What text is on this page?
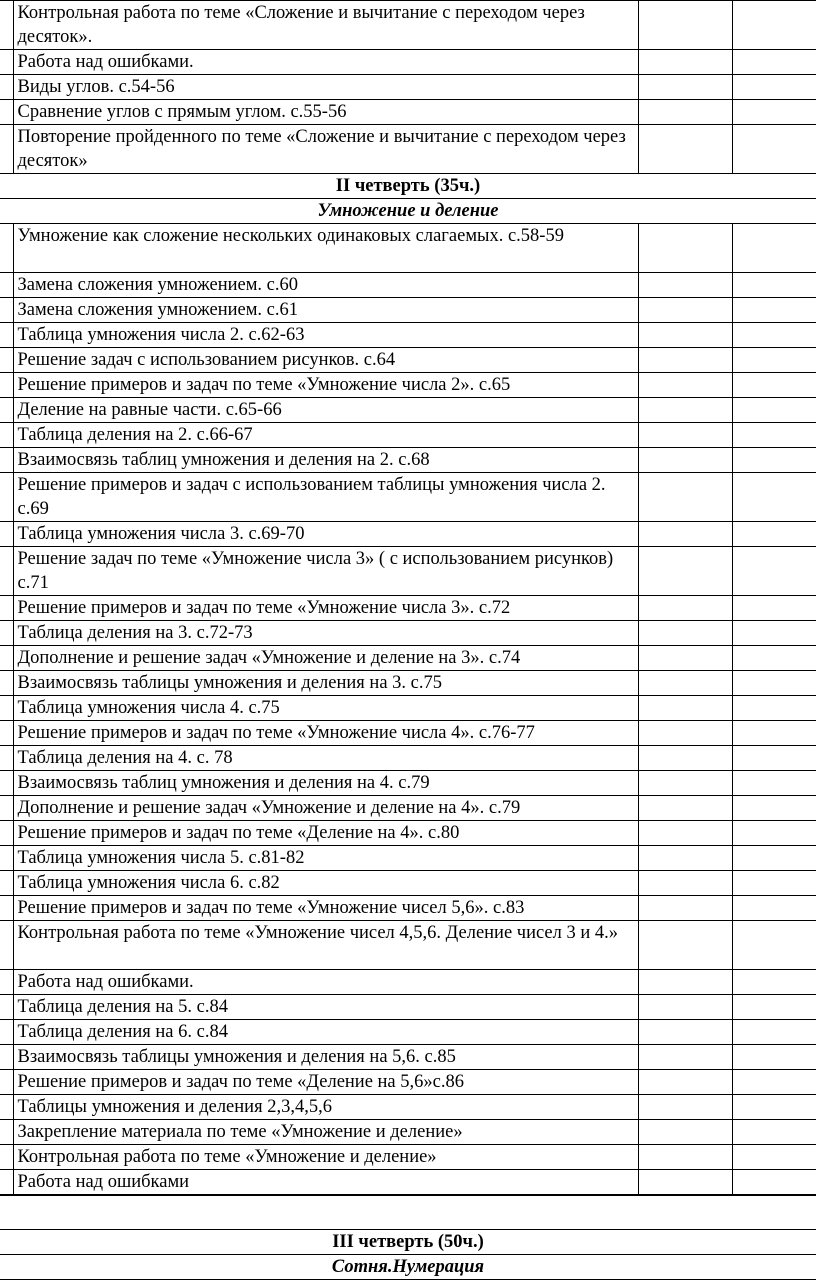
	Контрольная работа по теме «Сложение и вычитание с переходом через десяток».		
	Работа над ошибками.		
	Виды углов. с.54-56		
	Сравнение углов с прямым углом. с.55-56		
	Повторение пройденного по теме «Сложение и вычитание с переходом через десяток»		
II четверть (35ч.)			
Умножение и деление			
	Умножение как сложение нескольких одинаковых слагаемых. с.58-59		
	Замена сложения умножением. с.60		
	Замена сложения умножением. с.61		
	Таблица умножения числа 2. с.62-63		
	Решение задач с использованием рисунков. с.64		
	Решение примеров и задач по теме «Умножение числа 2». с.65		
	Деление на равные части. с.65-66		
	Таблица деления на 2. с.66-67		
	Взаимосвязь таблиц умножения и деления на 2. с.68		
	Решение примеров и задач с использованием таблицы умножения числа 2. с.69		
	Таблица умножения числа 3. с.69-70		
	Решение задач по теме «Умножение числа 3» ( с использованием рисунков) с.71		
	Решение примеров и задач по теме «Умножение числа 3». с.72		
	Таблица деления на 3. с.72-73		
	Дополнение и решение задач «Умножение и деление на 3». с.74		
	Взаимосвязь таблицы умножения и деления на 3. с.75		
	Таблица умножения числа 4. с.75		
	Решение примеров и задач по теме «Умножение числа 4». с.76-77		
	Таблица деления на 4. с. 78		
	Взаимосвязь таблиц умножения и деления на 4. с.79		
	Дополнение и решение задач «Умножение и деление на 4». с.79		
	Решение примеров и задач по теме «Деление на 4». с.80		
	Таблица умножения числа 5. с.81-82		
	Таблица умножения числа 6. с.82		
	Решение примеров и задач по теме «Умножение чисел 5,6». с.83		
	Контрольная работа по теме «Умножение чисел 4,5,6. Деление чисел 3 и 4.»		
	Работа над ошибками.		
	Таблица деления на 5. с.84		
	Таблица деления на 6. с.84		
	Взаимосвязь таблицы умножения и деления на 5,6. с.85		
	Решение примеров и задач по теме «Деление на 5,6»с.86		
	Таблицы умножения и деления 2,3,4,5,6		
	Закрепление материала по теме «Умножение и деление»		
	Контрольная работа по теме «Умножение и деление»		
	Работа над ошибками		
III четверть (50ч.)
Сотня.Нумерация
